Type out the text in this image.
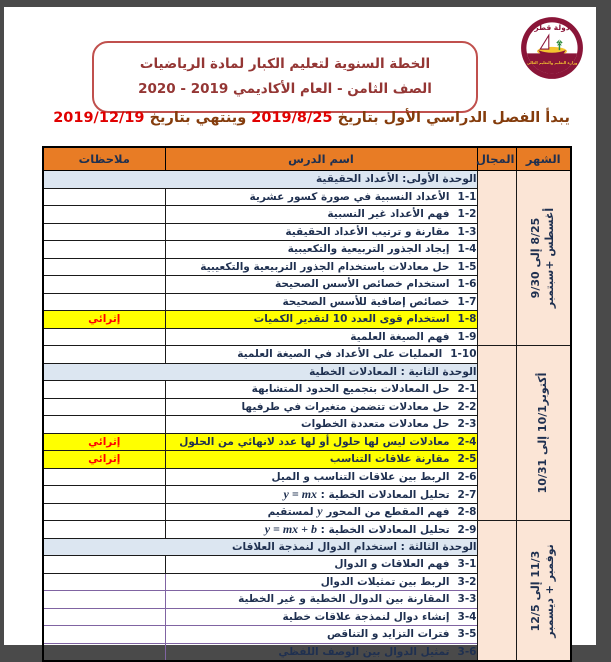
دولة قطر
وزارة التعليم والتعليم العالي
الخطة السنوية لتعليم الكبار لمادة الرياضيات
الصف الثامن - العام الأكاديمي 2019 - 2020
يبدأ الفصل الدراسي الأول بتاريخ 2019/8/25 وينتهي بتاريخ 2019/12/19
الشهر	المجال	اسم الدرس	ملاحظات

8/25 إلى 9/30 أغسطس +سبتمبر		الوحدة الأولى: الأعداد الحقيقية	
		1-1الأعداد النسبية في صورة كسور عشرية	
		1-2فهم الأعداد غير النسبية	
		1-3مقارنة و ترتيب الأعداد الحقيقية	
		1-4إيجاد الجذور التربيعية والتكعيبية	
		1-5حل معادلات باستخدام الجذور التربيعية والتكعيبية	
		1-6استخدام خصائص الأسس الصحيحة	
		1-7خصائص إضافية للأسس الصحيحة	
		1-8استخدام قوى العدد 10 لتقدير الكميات	إثرائي
		1-9فهم الصيغة العلمية	

أكتوبر10/1 إلى 10/31		1-10العمليات على الأعداد في الصيغة العلمية	
		الوحدة الثانية : المعادلات الخطية	
		2-1حل المعادلات بتجميع الحدود المتشابهة	
		2-2حل معادلات تتضمن متغيرات في طرفيها	
		2-3حل معادلات متعددة الخطوات	
		2-4معادلات ليس لها حلول أو لها عدد لانهائي من الحلول	إثرائي
		2-5مقارنة علاقات التناسب	إثرائي
		2-6الربط بين علاقات التناسب و الميل	
		2-7تحليل المعادلات الخطية : y = mx	
		2-8فهم المقطع من المحور y لمستقيم	

11/3 إلى 12/5 نوفمبر + ديسمبر		2-9تحليل المعادلات الخطية : y = mx + b	
		الوحدة الثالثة : استخدام الدوال لنمذجة العلاقات	
		3-1فهم العلاقات و الدوال	
		3-2الربط بين تمثيلات الدوال	
		3-3المقارنة بين الدوال الخطية و غير الخطية	
		3-4إنشاء دوال لنمذجة علاقات خطية	
		3-5فترات التزايد و التناقص	
		3-6تمثيل الدوال بين الوصف اللفظي	
